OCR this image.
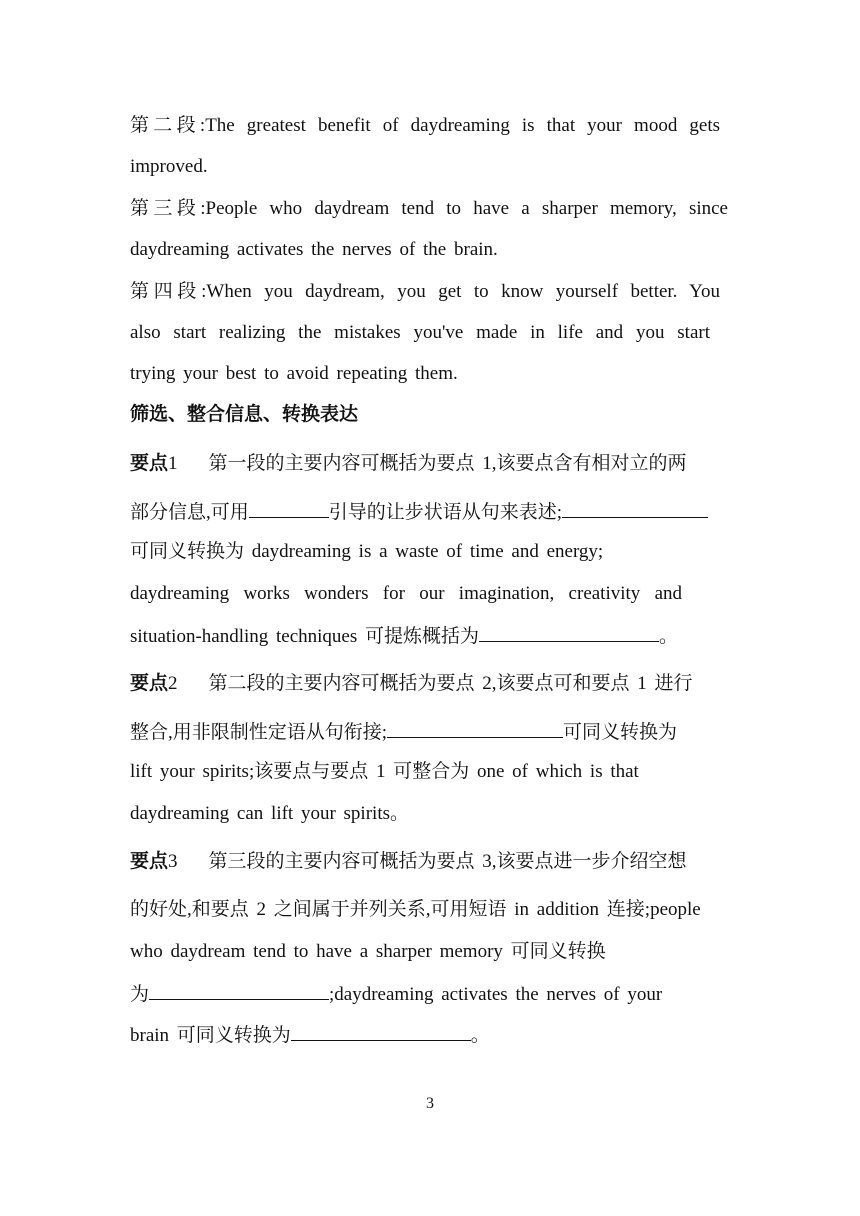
第二段:The greatest benefit of daydreaming is that your mood gets
improved.
第三段:People who daydream tend to have a sharper memory, since
daydreaming activates the nerves of the brain.
第四段:When you daydream, you get to know yourself better. You
also start realizing the mistakes you've made in life and you start
trying your best to avoid repeating them.
筛选、整合信息、转换表达
要点1 第一段的主要内容可概括为要点 1,该要点含有相对立的两
部分信息,可用	引导的让步状语从句来表述;
可同义转换为 daydreaming is a waste of time and energy;
daydreaming works wonders for our imagination, creativity and
situation-handling techniques 可提炼概括为	。
要点2 第二段的主要内容可概括为要点 2,该要点可和要点 1 进行
整合,用非限制性定语从句衔接;	可同义转换为
lift your spirits;该要点与要点 1 可整合为 one of which is that
daydreaming can lift your spirits。
要点3 第三段的主要内容可概括为要点 3,该要点进一步介绍空想
的好处,和要点 2 之间属于并列关系,可用短语 in addition 连接;people
who daydream tend to have a sharper memory 可同义转换
为	;daydreaming activates the nerves of your
brain 可同义转换为	。
3
